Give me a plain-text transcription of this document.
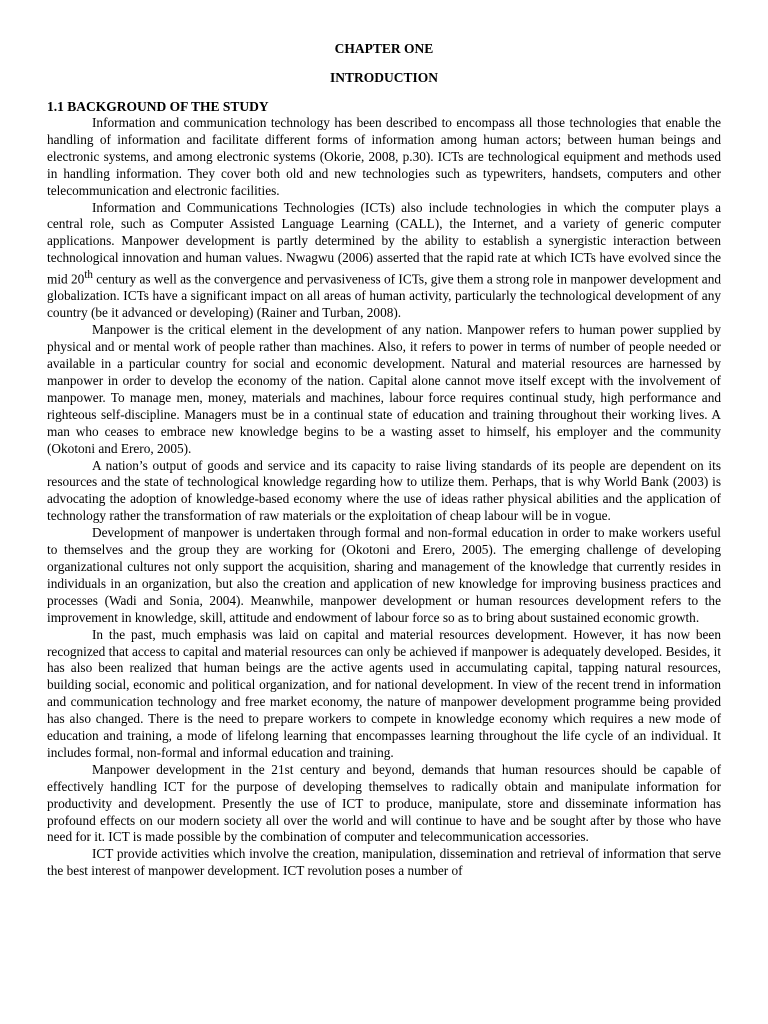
CHAPTER ONE
INTRODUCTION
1.1 BACKGROUND OF THE STUDY

Information and communication technology has been described to encompass all those technologies that enable the handling of information and facilitate different forms of information among human actors; between human beings and electronic systems, and among electronic systems (Okorie, 2008, p.30). ICTs are technological equipment and methods used in handling information. They cover both old and new technologies such as typewriters, handsets, computers and other telecommunication and electronic facilities.

Information and Communications Technologies (ICTs) also include technologies in which the computer plays a central role, such as Computer Assisted Language Learning (CALL), the Internet, and a variety of generic computer applications. Manpower development is partly determined by the ability to establish a synergistic interaction between technological innovation and human values. Nwagwu (2006) asserted that the rapid rate at which ICTs have evolved since the mid 20th century as well as the convergence and pervasiveness of ICTs, give them a strong role in manpower development and globalization. ICTs have a significant impact on all areas of human activity, particularly the technological development of any country (be it advanced or developing) (Rainer and Turban, 2008).

Manpower is the critical element in the development of any nation. Manpower refers to human power supplied by physical and or mental work of people rather than machines. Also, it refers to power in terms of number of people needed or available in a particular country for social and economic development. Natural and material resources are harnessed by manpower in order to develop the economy of the nation. Capital alone cannot move itself except with the involvement of manpower. To manage men, money, materials and machines, labour force requires continual study, high performance and righteous self-discipline. Managers must be in a continual state of education and training throughout their working lives. A man who ceases to embrace new knowledge begins to be a wasting asset to himself, his employer and the community (Okotoni and Erero, 2005).

A nation’s output of goods and service and its capacity to raise living standards of its people are dependent on its resources and the state of technological knowledge regarding how to utilize them. Perhaps, that is why World Bank (2003) is advocating the adoption of knowledge-based economy where the use of ideas rather physical abilities and the application of technology rather the transformation of raw materials or the exploitation of cheap labour will be in vogue.

Development of manpower is undertaken through formal and non-formal education in order to make workers useful to themselves and the group they are working for (Okotoni and Erero, 2005). The emerging challenge of developing organizational cultures not only support the acquisition, sharing and management of the knowledge that currently resides in individuals in an organization, but also the creation and application of new knowledge for improving business practices and processes (Wadi and Sonia, 2004). Meanwhile, manpower development or human resources development refers to the improvement in knowledge, skill, attitude and endowment of labour force so as to bring about sustained economic growth.

In the past, much emphasis was laid on capital and material resources development. However, it has now been recognized that access to capital and material resources can only be achieved if manpower is adequately developed. Besides, it has also been realized that human beings are the active agents used in accumulating capital, tapping natural resources, building social, economic and political organization, and for national development. In view of the recent trend in information and communication technology and free market economy, the nature of manpower development programme being provided has also changed. There is the need to prepare workers to compete in knowledge economy which requires a new mode of education and training, a mode of lifelong learning that encompasses learning throughout the life cycle of an individual. It includes formal, non-formal and informal education and training.

Manpower development in the 21st century and beyond, demands that human resources should be capable of effectively handling ICT for the purpose of developing themselves to radically obtain and manipulate information for productivity and development. Presently the use of ICT to produce, manipulate, store and disseminate information has profound effects on our modern society all over the world and will continue to have and be sought after by those who have need for it. ICT is made possible by the combination of computer and telecommunication accessories.

ICT provide activities which involve the creation, manipulation, dissemination and retrieval of information that serve the best interest of manpower development. ICT revolution poses a number of
